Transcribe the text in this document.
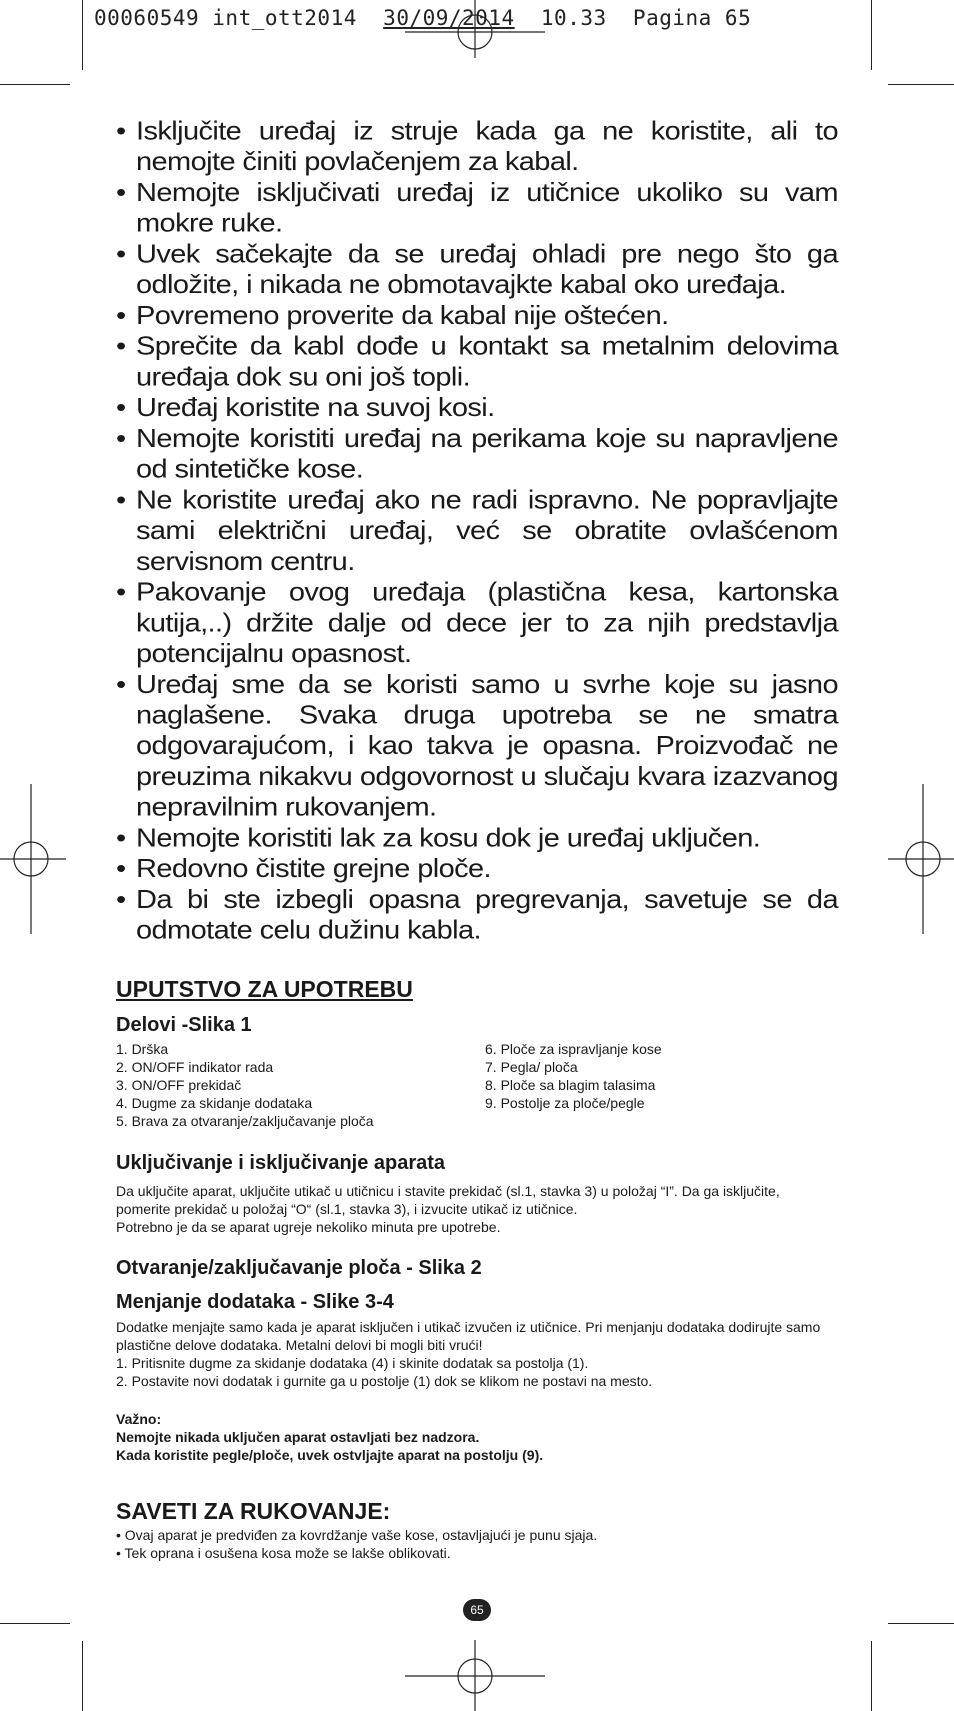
00060549 int_ott2014 30/09/2014 10.33 Pagina 65
• Isključite uređaj iz struje kada ga ne koristite, ali to nemojte činiti povlačenjem za kabal.
• Nemojte isključivati uređaj iz utičnice ukoliko su vam mokre ruke.
• Uvek sačekajte da se uređaj ohladi pre nego što ga odložite, i nikada ne obmotavajkte kabal oko uređaja.
• Povremeno proverite da kabal nije oštećen.
• Sprečite da kabl dođe u kontakt sa metalnim delovima uređaja dok su oni još topli.
• Uređaj koristite na suvoj kosi.
• Nemojte koristiti uređaj na perikama koje su napravljene od sintetičke kose.
• Ne koristite uređaj ako ne radi ispravno. Ne popravljajte sami električni uređaj, već se obratite ovlašćenom servisnom centru.
• Pakovanje ovog uređaja (plastična kesa, kartonska kutija,..) držite dalje od dece jer to za njih predstavlja potencijalnu opasnost.
• Uređaj sme da se koristi samo u svrhe koje su jasno naglašene. Svaka druga upotreba se ne smatra odgovarajućom, i kao takva je opasna. Proizvođač ne preuzima nikakvu odgovornost u slučaju kvara izazvanog nepravilnim rukovanjem.
• Nemojte koristiti lak za kosu dok je uređaj uključen.
• Redovno čistite grejne ploče.
• Da bi ste izbegli opasna pregrevanja, savetuje se da odmotate celu dužinu kabla.
UPUTSTVO ZA UPOTREBU
Delovi -Slika 1
1. Drška
2. ON/OFF indikator rada
3. ON/OFF prekidač
4. Dugme za skidanje dodataka
5. Brava za otvaranje/zaključavanje ploča
6. Ploče za ispravljanje kose
7. Pegla/ ploča
8. Ploče sa blagim talasima
9. Postolje za ploče/pegle
Uključivanje i isključivanje aparata
Da uključite aparat, uključite utikač u utičnicu i stavite prekidač (sl.1, stavka 3) u položaj “I”. Da ga isključite, pomerite prekidač u položaj “O“ (sl.1, stavka 3), i izvucite utikač iz utičnice.
Potrebno je da se aparat ugreje nekoliko minuta pre upotrebe.
Otvaranje/zaključavanje ploča - Slika 2
Menjanje dodataka - Slike 3-4
Dodatke menjajte samo kada je aparat isključen i utikač izvučen iz utičnice. Pri menjanju dodataka dodirujte samo plastične delove dodataka. Metalni delovi bi mogli biti vrući!
1. Pritisnite dugme za skidanje dodataka (4) i skinite dodatak sa postolja (1).
2. Postavite novi dodatak i gurnite ga u postolje (1) dok se klikom ne postavi na mesto.
Važno:
Nemojte nikada uključen aparat ostavljati bez nadzora.
Kada koristite pegle/ploče, uvek ostvljajte aparat na postolju (9).
SAVETI ZA RUKOVANJE:
• Ovaj aparat je predviđen za kovrdžanje vaše kose, ostavljajući je punu sjaja.
• Tek oprana i osušena kosa može se lakše oblikovati.
65
